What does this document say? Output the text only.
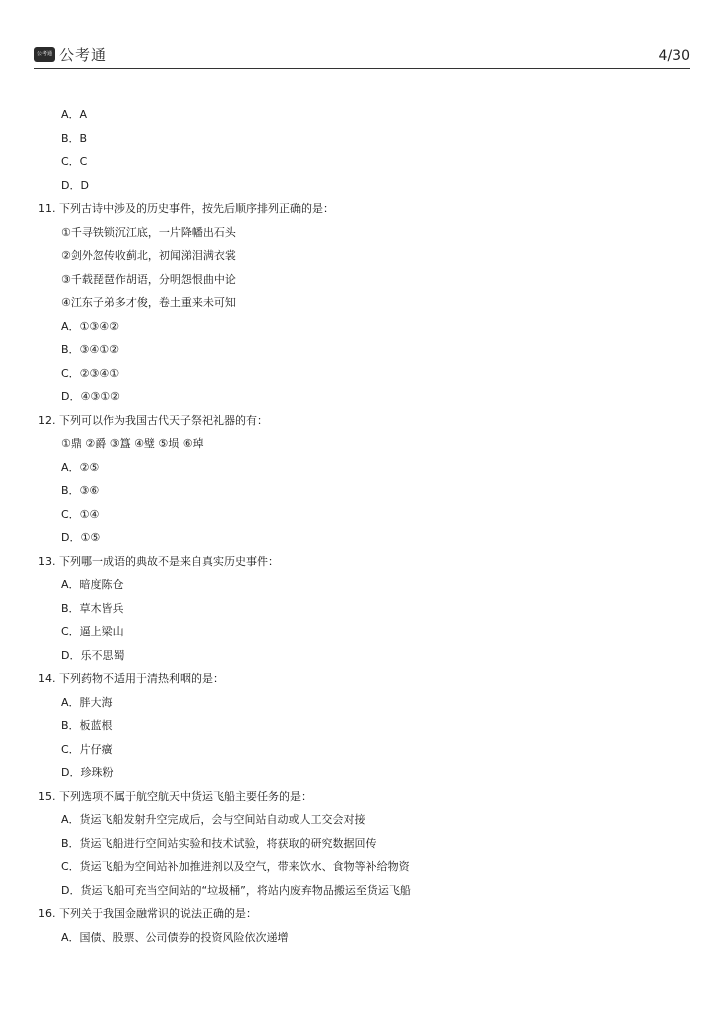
公考通 公考通	4/30
A．A
B．B
C．C
D．D
11. 下列古诗中涉及的历史事件，按先后顺序排列正确的是：
①千寻铁锁沉江底，一片降幡出石头
②剑外忽传收蓟北，初闻涕泪满衣裳
③千载琵琶作胡语，分明怨恨曲中论
④江东子弟多才俊，卷土重来未可知
A．①③④②
B．③④①②
C．②③④①
D．④③①②
12. 下列可以作为我国古代天子祭祀礼器的有：
①鼎 ②爵 ③簋 ④璧 ⑤埙 ⑥琸
A．②⑤
B．③⑥
C．①④
D．①⑤
13. 下列哪一成语的典故不是来自真实历史事件：
A．暗度陈仓
B．草木皆兵
C．逼上梁山
D．乐不思蜀
14. 下列药物不适用于清热利咽的是：
A．胖大海
B．板蓝根
C．片仔癀
D．珍珠粉
15. 下列选项不属于航空航天中货运飞船主要任务的是：
A．货运飞船发射升空完成后，会与空间站自动或人工交会对接
B．货运飞船进行空间站实验和技术试验，将获取的研究数据回传
C．货运飞船为空间站补加推进剂以及空气，带来饮水、食物等补给物资
D．货运飞船可充当空间站的“垃圾桶”，将站内废弃物品搬运至货运飞船
16. 下列关于我国金融常识的说法正确的是：
A．国债、股票、公司债券的投资风险依次递增
